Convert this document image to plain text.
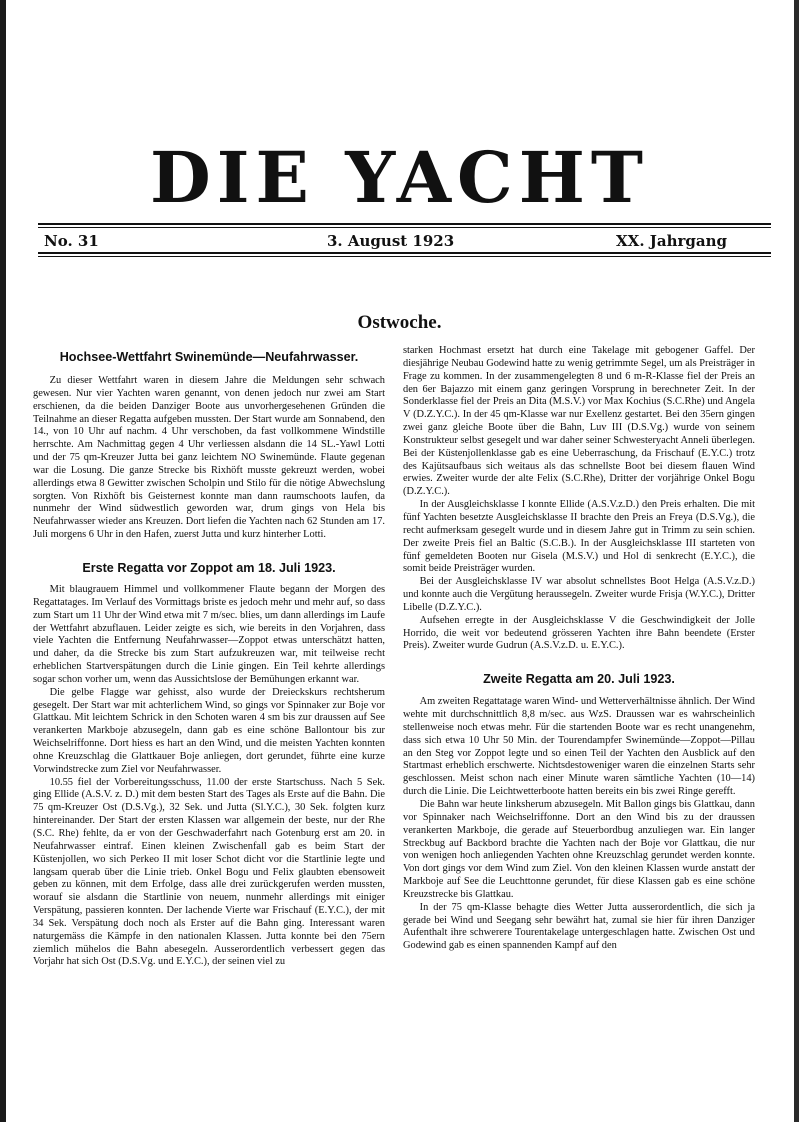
DIE YACHT
No. 31	3. August 1923	XX. Jahrgang
Ostwoche.
Hochsee-Wettfahrt Swinemünde—Neufahrwasser.

Zu dieser Wettfahrt waren in diesem Jahre die Meldungen sehr schwach gewesen. Nur vier Yachten waren genannt, von denen jedoch nur zwei am Start erschienen, da die beiden Danziger Boote aus unvorhergesehenen Gründen die Teilnahme an dieser Regatta aufgeben mussten. Der Start wurde am Sonnabend, den 14., von 10 Uhr auf nachm. 4 Uhr verschoben, da fast vollkommene Windstille herrschte. Am Nachmittag gegen 4 Uhr verliessen alsdann die 14 SL.-Yawl Lotti und der 75 qm-Kreuzer Jutta bei ganz leichtem NO Swinemünde. Flaute gegenan war die Losung. Die ganze Strecke bis Rixhöft musste gekreuzt werden, wobei allerdings etwa 8 Gewitter zwischen Scholpin und Stilo für die nötige Abwechslung sorgten. Von Rixhöft bis Geisternest konnte man dann raumschoots laufen, da nunmehr der Wind südwestlich geworden war, drum gings von Hela bis Neufahrwasser wieder ans Kreuzen. Dort liefen die Yachten nach 62 Stunden am 17. Juli morgens 6 Uhr in den Hafen, zuerst Jutta und kurz hinterher Lotti.

Erste Regatta vor Zoppot am 18. Juli 1923.

Mit blaugrauem Himmel und vollkommener Flaute begann der Morgen des Regattatages. Im Verlauf des Vormittags briste es jedoch mehr und mehr auf, so dass zum Start um 11 Uhr der Wind etwa mit 7 m/sec. blies, um dann allerdings im Laufe der Wettfahrt abzuflauen. Leider zeigte es sich, wie bereits in den Vorjahren, dass viele Yachten die Entfernung Neufahrwasser—Zoppot etwas unterschätzt hatten, und daher, da die Strecke bis zum Start aufzukreuzen war, mit teilweise recht erheblichen Startverspätungen durch die Linie gingen. Ein Teil kehrte allerdings sogar schon vorher um, wenn das Aussichtslose der Bemühungen erkannt war.

Die gelbe Flagge war gehisst, also wurde der Dreieckskurs rechtsherum gesegelt. Der Start war mit achterlichem Wind, so gings vor Spinnaker zur Boje vor Glattkau. Mit leichtem Schrick in den Schoten waren 4 sm bis zur draussen auf See verankerten Markboje abzusegeln, dann gab es eine schöne Ballontour bis zur Weichselriffonne. Dort hiess es hart an den Wind, und die meisten Yachten konnten ohne Kreuzschlag die Glattkauer Boje anliegen, dort gerundet, führte eine kurze Vorwindstrecke zum Ziel vor Neufahrwasser.

10.55 fiel der Vorbereitungsschuss, 11.00 der erste Startschuss. Nach 5 Sek. ging Ellide (A.S.V. z. D.) mit dem besten Start des Tages als Erste auf die Bahn. Die 75 qm-Kreuzer Ost (D.S.Vg.), 32 Sek. und Jutta (Sl.Y.C.), 30 Sek. folgten kurz hintereinander. Der Start der ersten Klassen war allgemein der beste, nur der Rhe (S.C. Rhe) fehlte, da er von der Geschwaderfahrt nach Gotenburg erst am 20. in Neufahrwasser eintraf. Einen kleinen Zwischenfall gab es beim Start der Küstenjollen, wo sich Perkeo II mit loser Schot dicht vor die Startlinie legte und langsam querab über die Linie trieb. Onkel Bogu und Felix glaubten ebensoweit geben zu können, mit dem Erfolge, dass alle drei zurückgerufen werden mussten, worauf sie alsdann die Startlinie von neuem, nunmehr allerdings mit einiger Verspätung, passieren konnten. Der lachende Vierte war Frischauf (E.Y.C.), der mit 34 Sek. Verspätung doch noch als Erster auf die Bahn ging. Interessant waren naturgemäss die Kämpfe in den nationalen Klassen. Jutta konnte bei den 75ern ziemlich mühelos die Bahn abesegeln. Ausserordentlich verbessert gegen das Vorjahr hat sich Ost (D.S.Vg. und E.Y.C.), der seinen viel zu

starken Hochmast ersetzt hat durch eine Takelage mit gebogener Gaffel. Der diesjährige Neubau Godewind hatte zu wenig getrimmte Segel, um als Preisträger in Frage zu kommen. In der zusammengelegten 8 und 6 m-R-Klasse fiel der Preis an den 6er Bajazzo mit einem ganz geringen Vorsprung in berechneter Zeit. In der Sonderklasse fiel der Preis an Dita (M.S.V.) vor Max Kochius (S.C.Rhe) und Angela V (D.Z.Y.C.). In der 45 qm-Klasse war nur Exellenz gestartet. Bei den 35ern gingen zwei ganz gleiche Boote über die Bahn, Luv III (D.S.Vg.) wurde von seinem Konstrukteur selbst gesegelt und war daher seiner Schwesteryacht Anneli überlegen. Bei der Küstenjollenklasse gab es eine Ueberraschung, da Frischauf (E.Y.C.) trotz des Kajütsaufbaus sich weitaus als das schnellste Boot bei diesem flauen Wind erwies. Zweiter wurde der alte Felix (S.C.Rhe), Dritter der vorjährige Onkel Bogu (D.Z.Y.C.).

In der Ausgleichsklasse I konnte Ellide (A.S.V.z.D.) den Preis erhalten. Die mit fünf Yachten besetzte Ausgleichsklasse II brachte den Preis an Freya (D.S.Vg.), die recht aufmerksam gesegelt wurde und in diesem Jahre gut in Trimm zu sein schien. Der zweite Preis fiel an Baltic (S.C.B.). In der Ausgleichsklasse III starteten von fünf gemeldeten Booten nur Gisela (M.S.V.) und Hol di senkrecht (E.Y.C.), die somit beide Preisträger wurden.

Bei der Ausgleichsklasse IV war absolut schnellstes Boot Helga (A.S.V.z.D.) und konnte auch die Vergütung heraussegeln. Zweiter wurde Frisja (W.Y.C.), Dritter Libelle (D.Z.Y.C.).

Aufsehen erregte in der Ausgleichsklasse V die Geschwindigkeit der Jolle Horrido, die weit vor bedeutend grösseren Yachten ihre Bahn beendete (Erster Preis). Zweiter wurde Gudrun (A.S.V.z.D. u. E.Y.C.).

Zweite Regatta am 20. Juli 1923.

Am zweiten Regattatage waren Wind- und Wetterverhältnisse ähnlich. Der Wind wehte mit durchschnittlich 8,8 m/sec. aus WzS. Draussen war es wahrscheinlich stellenweise noch etwas mehr. Für die startenden Boote war es recht unangenehm, dass sich etwa 10 Uhr 50 Min. der Tourendampfer Swinemünde—Zoppot—Pillau an den Steg vor Zoppot legte und so einen Teil der Yachten den Ausblick auf den Startmast erheblich erschwerte. Nichtsdestoweniger waren die einzelnen Starts sehr geschlossen. Meist schon nach einer Minute waren sämtliche Yachten (10—14) durch die Linie. Die Leichtwetterboote hatten bereits ein bis zwei Ringe gerefft.

Die Bahn war heute linksherum abzusegeln. Mit Ballon gings bis Glattkau, dann vor Spinnaker nach Weichselriffonne. Dort an den Wind bis zu der draussen verankerten Markboje, die gerade auf Steuerbordbug anzuliegen war. Ein langer Streckbug auf Backbord brachte die Yachten nach der Boje vor Glattkau, die nur von wenigen hoch anliegenden Yachten ohne Kreuzschlag gerundet werden konnte. Von dort gings vor dem Wind zum Ziel. Von den kleinen Klassen wurde anstatt der Markboje auf See die Leuchttonne gerundet, für diese Klassen gab es eine schöne Kreuzstrecke bis Glattkau.

In der 75 qm-Klasse behagte dies Wetter Jutta ausserordentlich, die sich ja gerade bei Wind und Seegang sehr bewährt hat, zumal sie hier für ihren Danziger Aufenthalt ihre schwerere Tourentakelage untergeschlagen hatte. Zwischen Ost und Godewind gab es einen spannenden Kampf auf den
